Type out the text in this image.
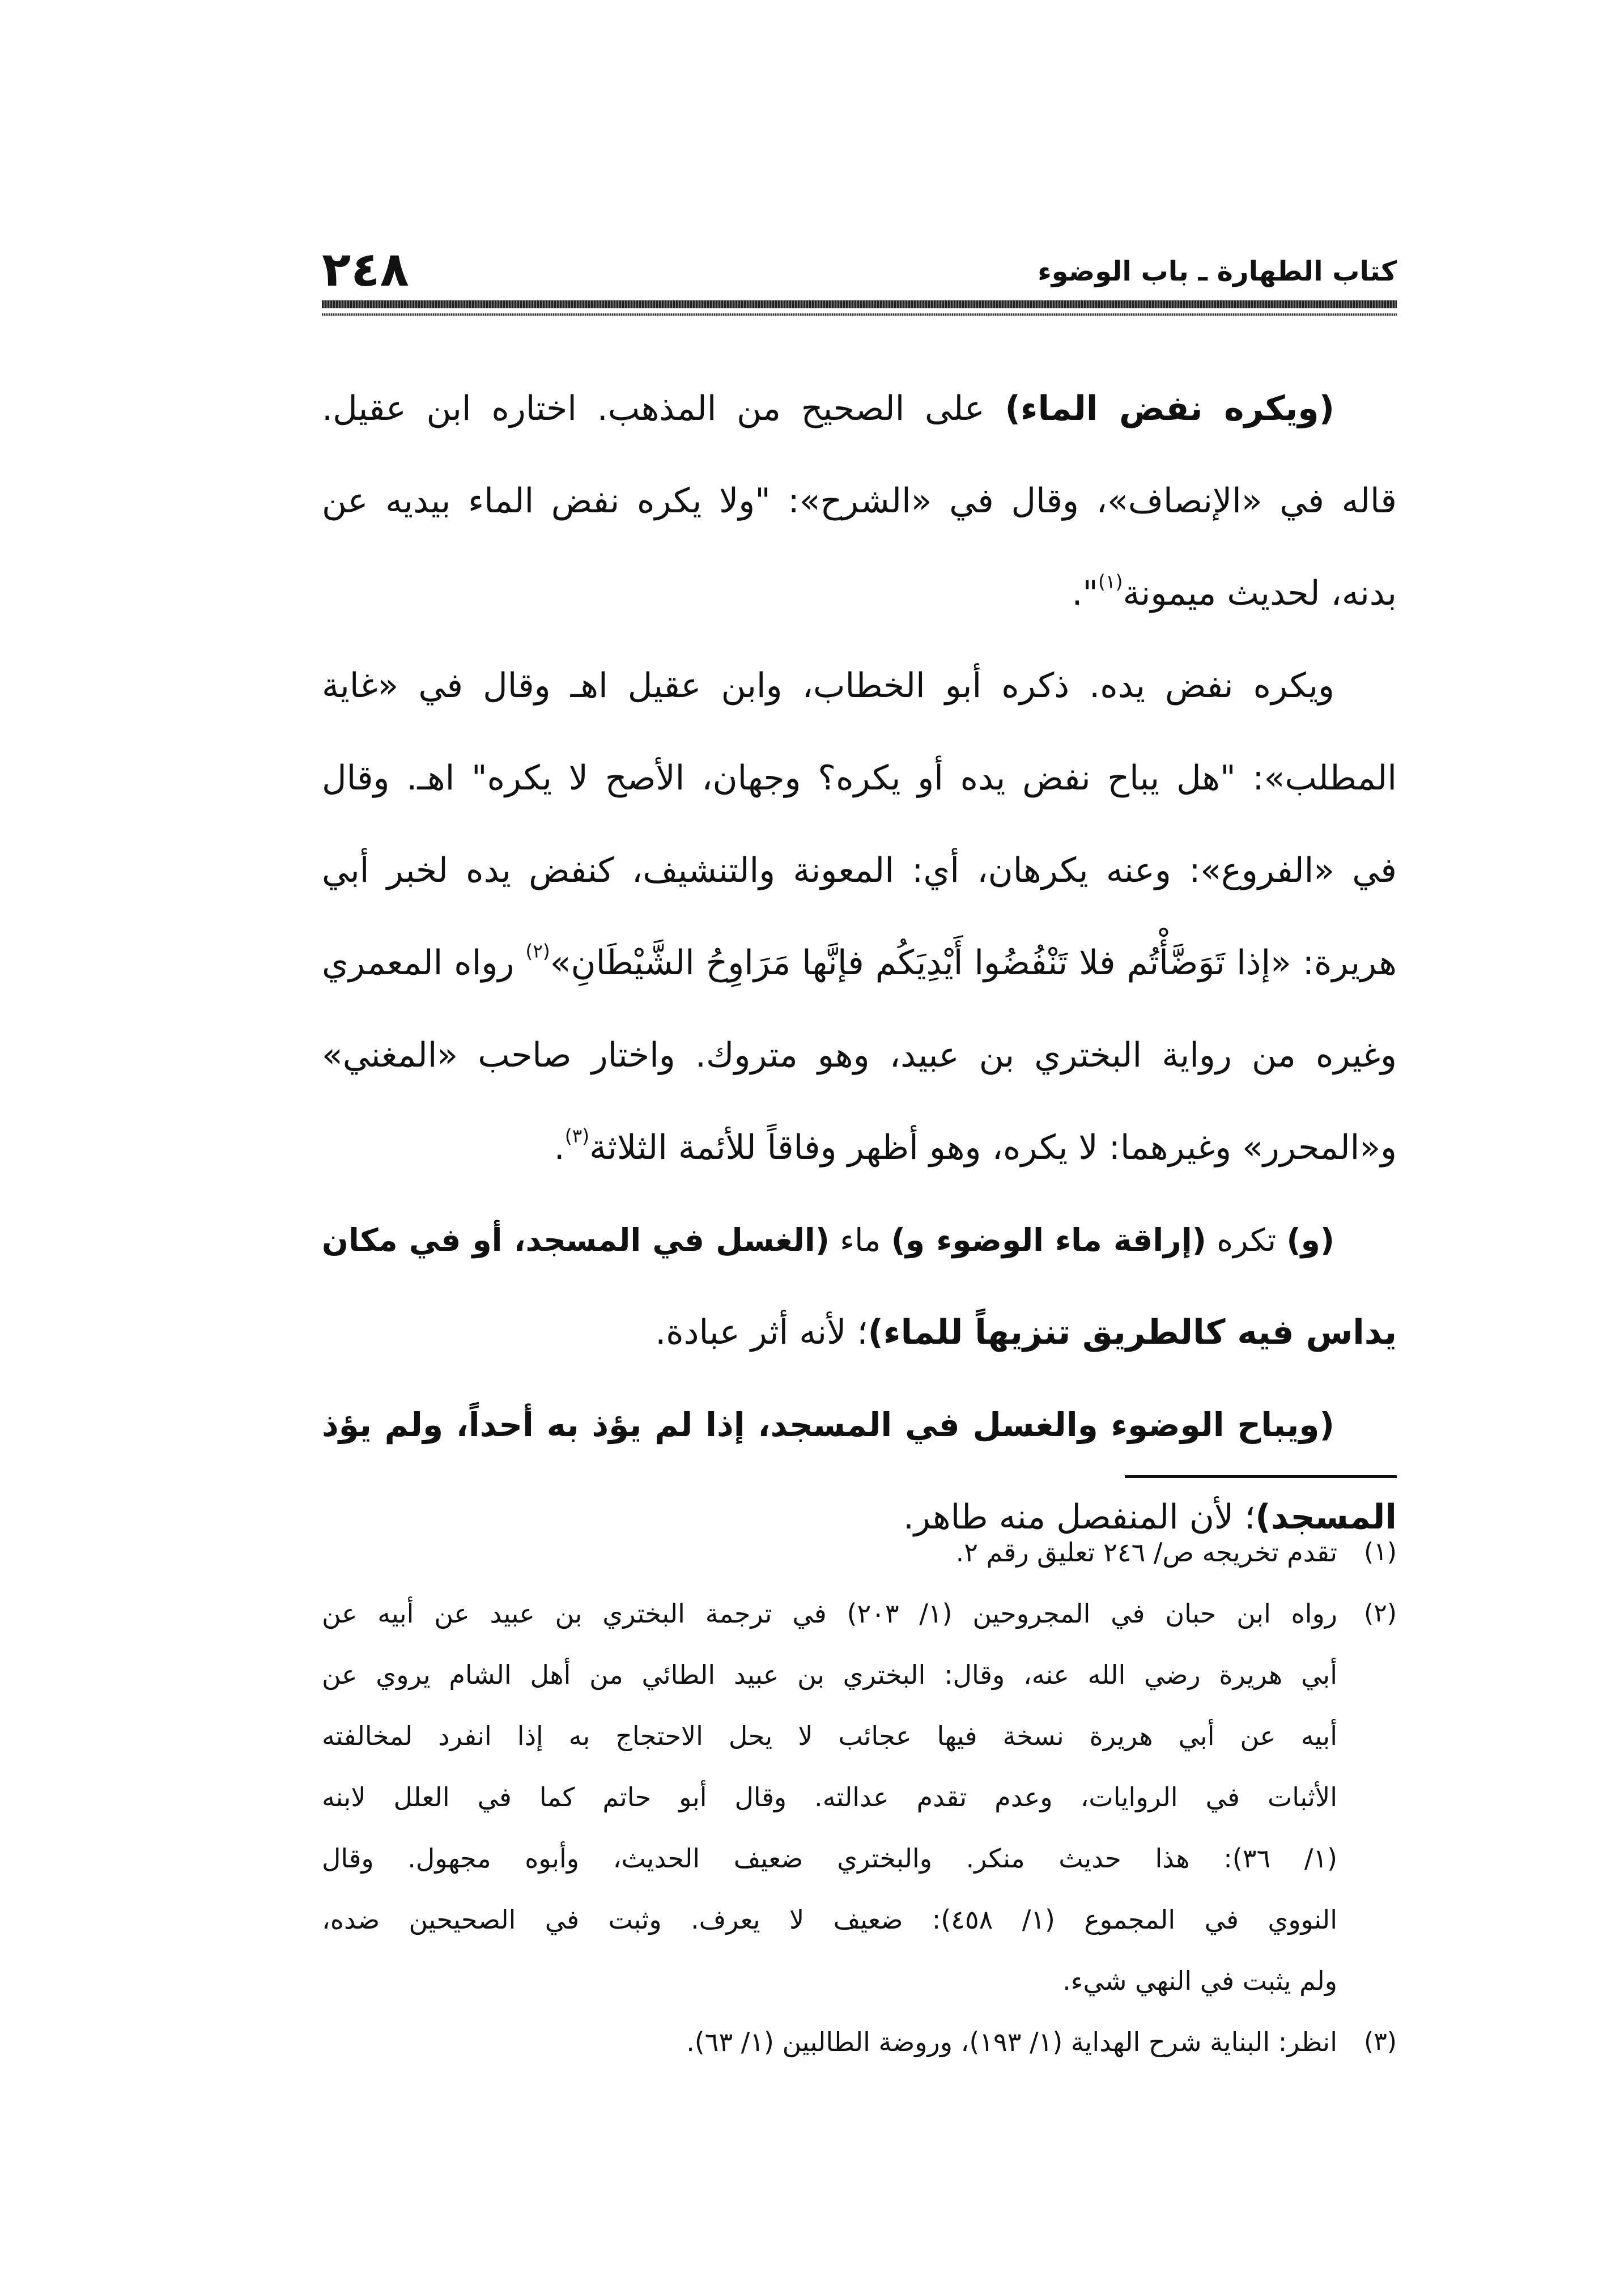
٢٤٨	كتاب الطهارة ـ باب الوضوء
(ويكره نفض الماء) على الصحيح من المذهب. اختاره ابن عقيل.
قاله في «الإنصاف»، وقال في «الشرح»: "ولا يكره نفض الماء بيديه عن
بدنه، لحديث ميمونة$^{(١)}$".
ويكره نفض يده. ذكره أبو الخطاب، وابن عقيل اهـ وقال في «غاية
المطلب»: "هل يباح نفض يده أو يكره؟ وجهان، الأصح لا يكره" اهـ. وقال
في «الفروع»: وعنه يكرهان، أي: المعونة والتنشيف، كنفض يده لخبر أبي
هريرة: «إذا تَوَضَّأْتُم فلا تَنْفُضُوا أَيْدِيَكُم فإنَّها مَرَاوِحُ الشَّيْطَانِ»$^{(٢)}$ رواه المعمري
وغيره من رواية البختري بن عبيد، وهو متروك. واختار صاحب «المغني»
و«المحرر» وغيرهما: لا يكره، وهو أظهر وفاقاً للأئمة الثلاثة$^{(٣)}$.
(و) تكره (إراقة ماء الوضوء و) ماء (الغسل في المسجد، أو في مكان
يداس فيه كالطريق تنزيهاً للماء)؛ لأنه أثر عبادة.
(ويباح الوضوء والغسل في المسجد، إذا لم يؤذ به أحداً، ولم يؤذ
المسجد)؛ لأن المنفصل منه طاهر.
(١)
تقدم تخريجه ص/ ٢٤٦ تعليق رقم ٢.
(٢)
رواه ابن حبان في المجروحين (١/ ٢٠٣) في ترجمة البختري بن عبيد عن أبيه عن
أبي هريرة رضي الله عنه، وقال: البختري بن عبيد الطائي من أهل الشام يروي عن
أبيه عن أبي هريرة نسخة فيها عجائب لا يحل الاحتجاج به إذا انفرد لمخالفته
الأثبات في الروايات، وعدم تقدم عدالته. وقال أبو حاتم كما في العلل لابنه
(١/ ٣٦): هذا حديث منكر. والبختري ضعيف الحديث، وأبوه مجهول. وقال
النووي في المجموع (١/ ٤٥٨): ضعيف لا يعرف. وثبت في الصحيحين ضده،
ولم يثبت في النهي شيء.
(٣)
انظر: البناية شرح الهداية (١/ ١٩٣)، وروضة الطالبين (١/ ٦٣).
